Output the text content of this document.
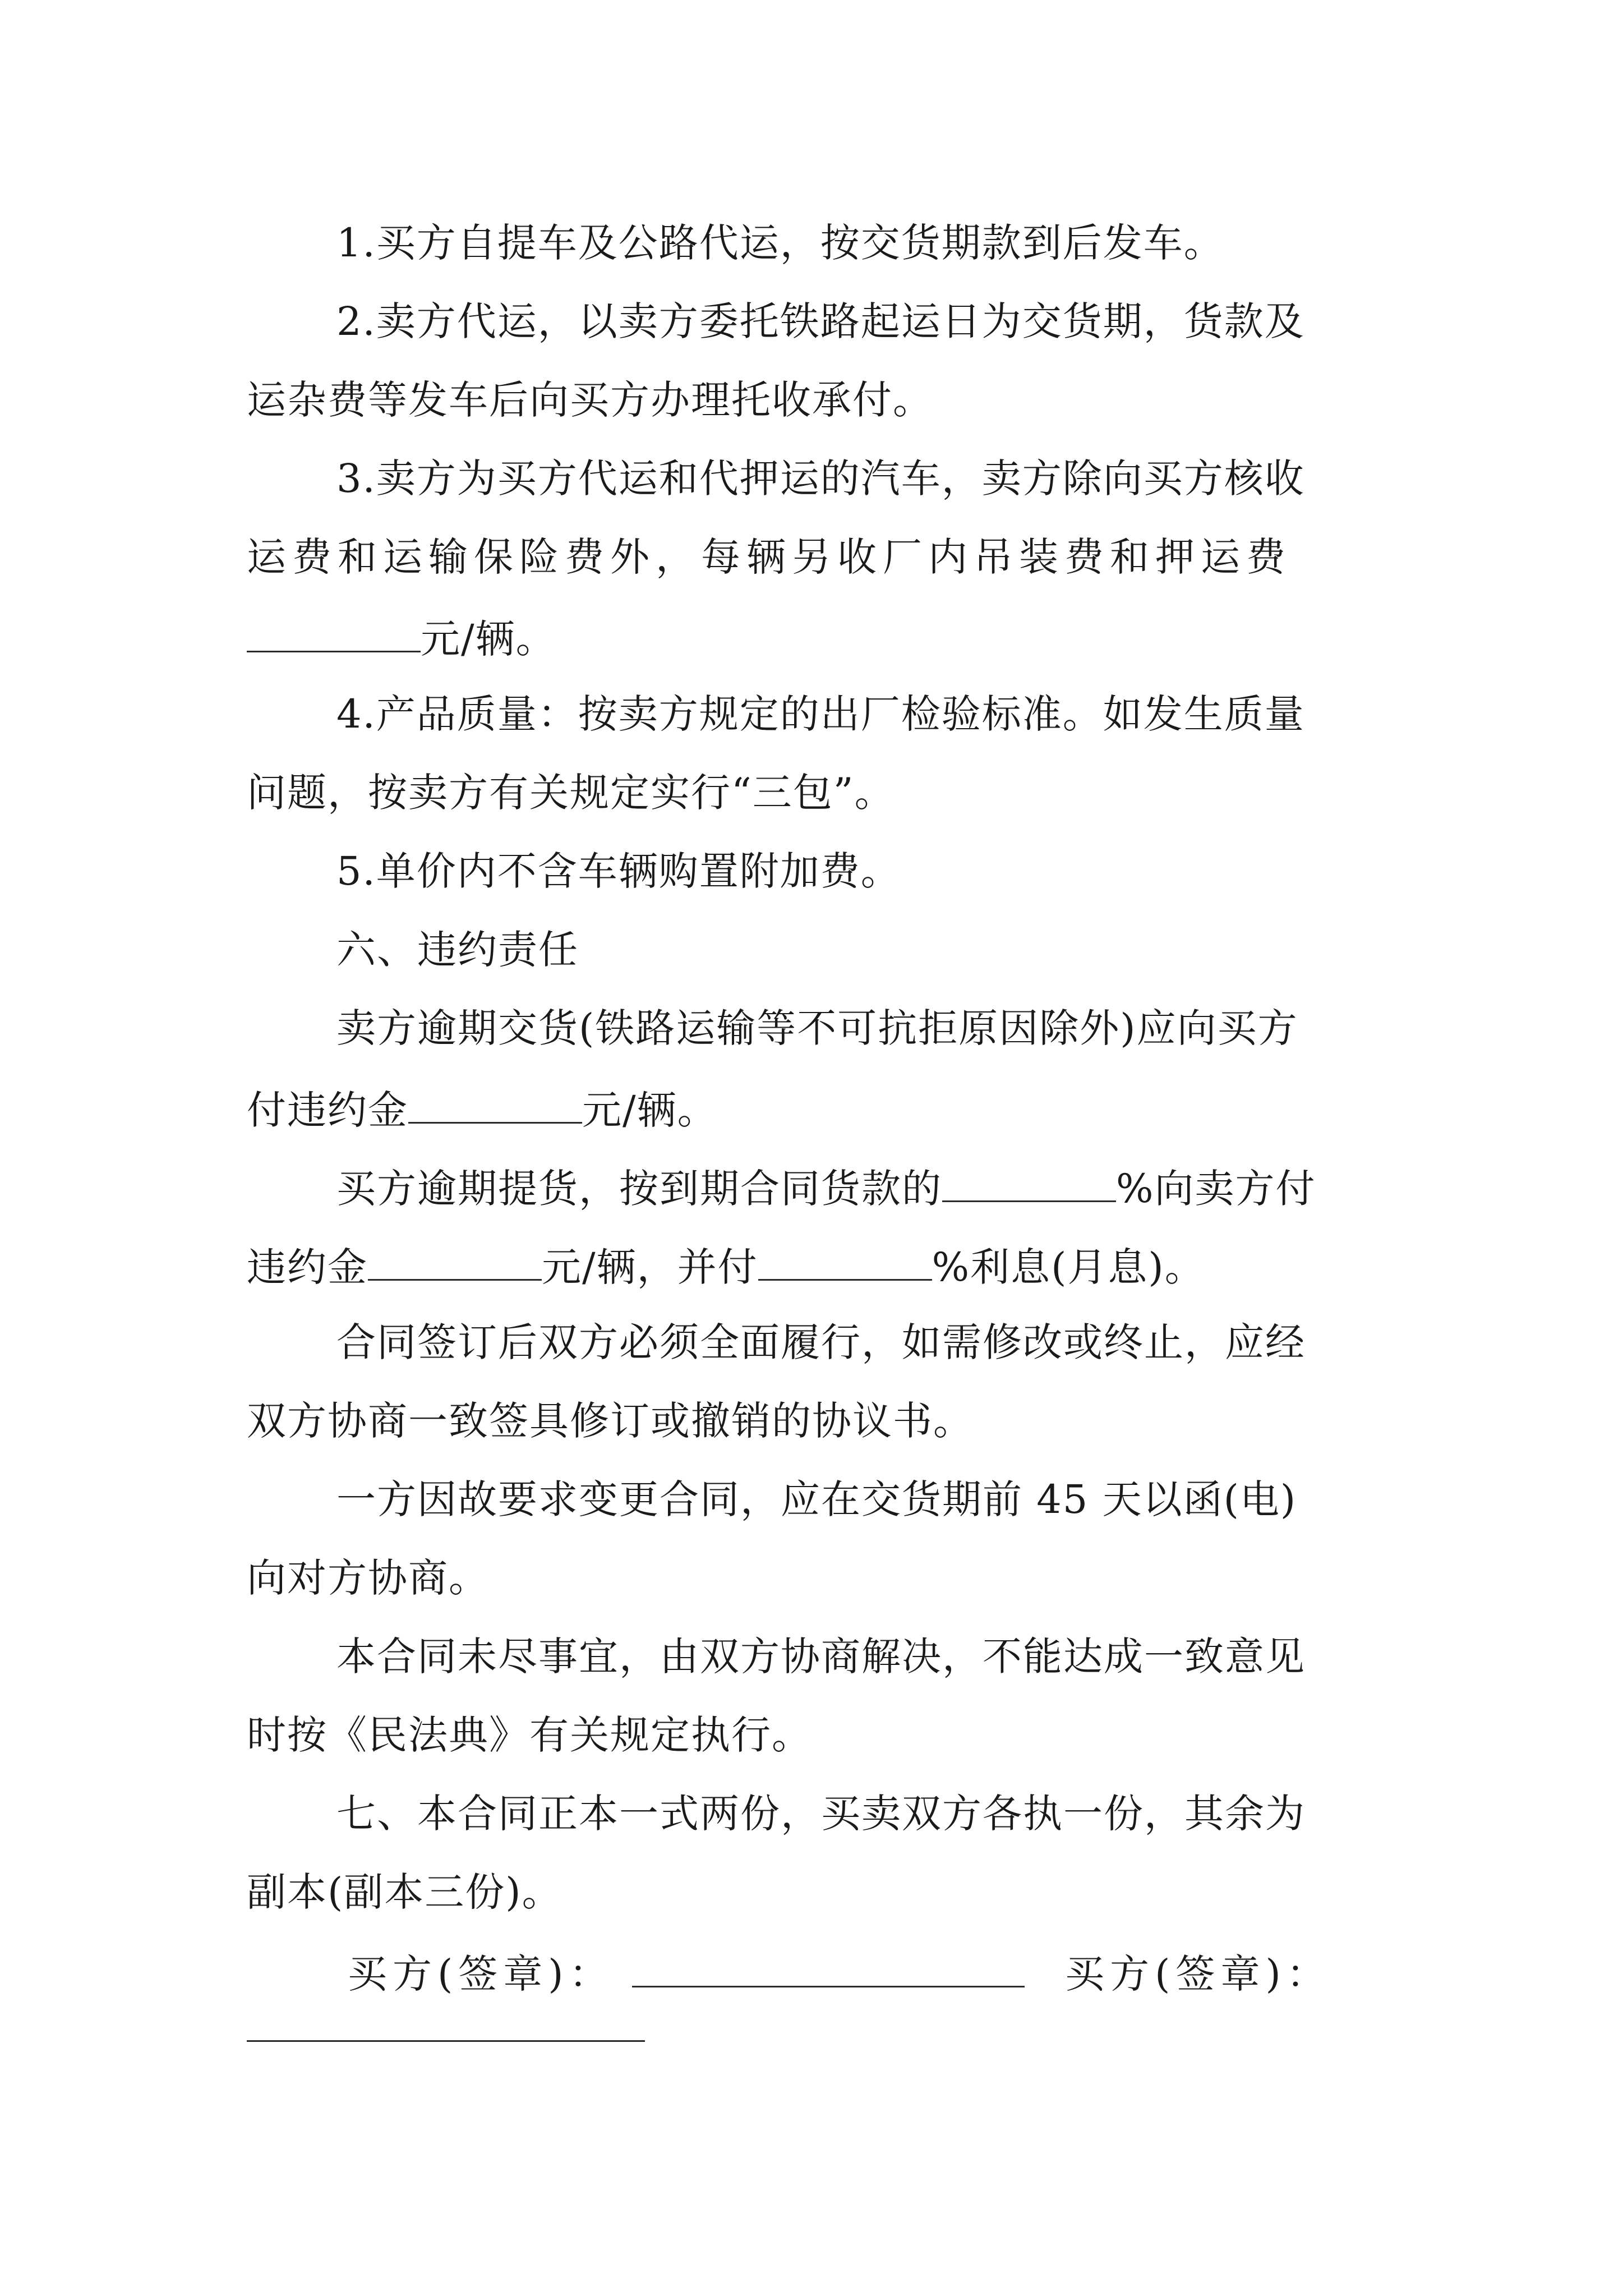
1.买方自提车及公路代运，按交货期款到后发车。
2.卖方代运，以卖方委托铁路起运日为交货期，货款及
运杂费等发车后向买方办理托收承付。
3.卖方为买方代运和代押运的汽车，卖方除向买方核收
运费和运输保险费外，每辆另收厂内吊装费和押运费
元/辆。
4.产品质量：按卖方规定的出厂检验标准。如发生质量
问题，按卖方有关规定实行“三包”。
5.单价内不含车辆购置附加费。
六、违约责任
卖方逾期交货(铁路运输等不可抗拒原因除外)应向买方
付违约金	元/辆。
买方逾期提货，按到期合同货款的	%向卖方付
违约金	元/辆，并付	%利息(月息)。
合同签订后双方必须全面履行，如需修改或终止，应经
双方协商一致签具修订或撤销的协议书。
一方因故要求变更合同，应在交货期前 45 天以函(电)
向对方协商。
本合同未尽事宜，由双方协商解决，不能达成一致意见
时按《民法典》有关规定执行。
七、本合同正本一式两份，买卖双方各执一份，其余为
副本(副本三份)。
买方(签章)：	买方(签章)：
